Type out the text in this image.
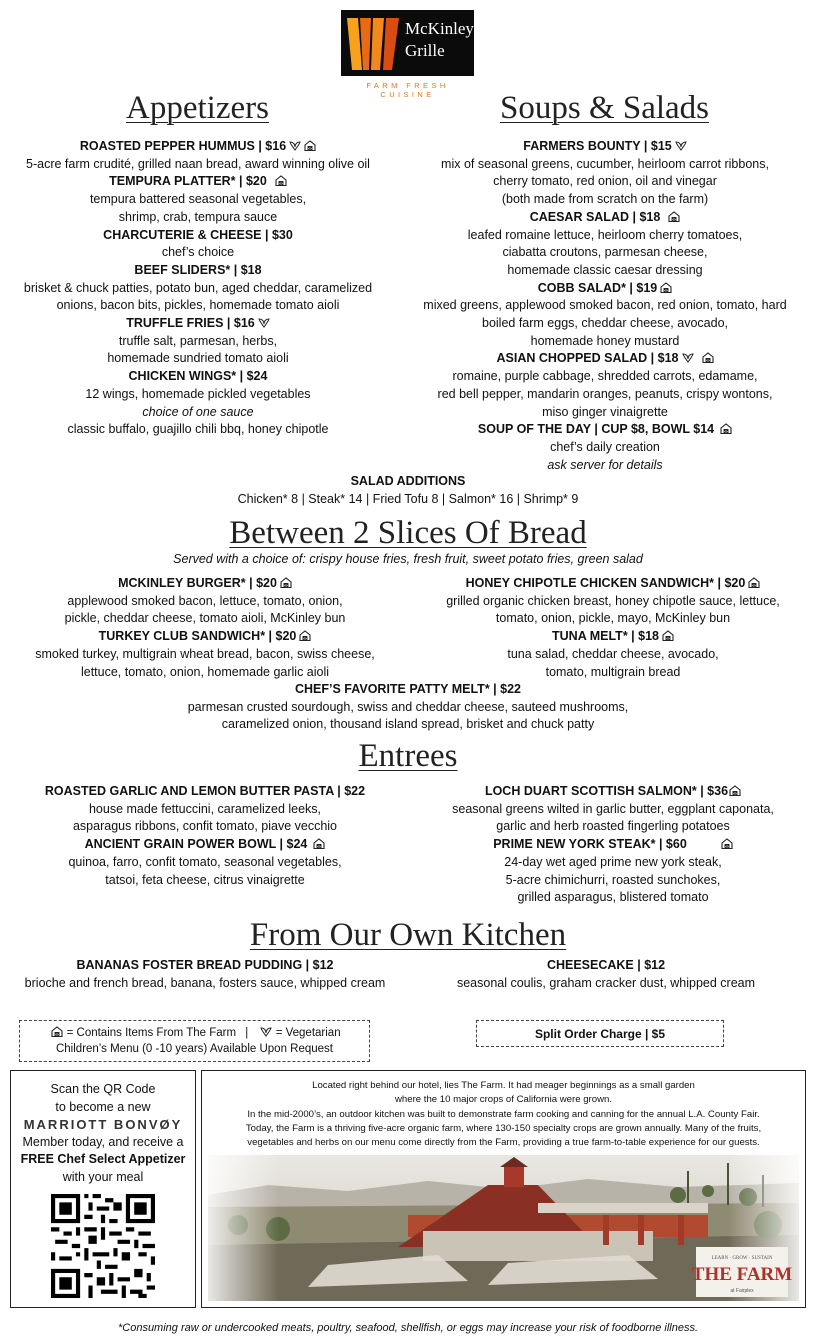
McKinley's
Grille
FARM FRESH CUISINE
Appetizers
ROASTED PEPPER HUMMUS | $16
5-acre farm crudité, grilled naan bread, award winning olive oil
TEMPURA PLATTER* | $20
tempura battered seasonal vegetables,
shrimp, crab, tempura sauce
CHARCUTERIE & CHEESE | $30
chef’s choice
BEEF SLIDERS* | $18
brisket & chuck patties, potato bun, aged cheddar, caramelized
onions, bacon bits, pickles, homemade tomato aioli
TRUFFLE FRIES | $16
truffle salt, parmesan, herbs,
homemade sundried tomato aioli
CHICKEN WINGS* | $24
12 wings, homemade pickled vegetables
choice of one sauce
classic buffalo, guajillo chili bbq, honey chipotle
Soups & Salads
FARMERS BOUNTY | $15
mix of seasonal greens, cucumber, heirloom carrot ribbons,
cherry tomato, red onion, oil and vinegar
(both made from scratch on the farm)
CAESAR SALAD | $18
leafed romaine lettuce, heirloom cherry tomatoes,
ciabatta croutons, parmesan cheese,
homemade classic caesar dressing
COBB SALAD* | $19
mixed greens, applewood smoked bacon, red onion, tomato, hard
boiled farm eggs, cheddar cheese, avocado,
homemade honey mustard
ASIAN CHOPPED SALAD | $18
romaine, purple cabbage, shredded carrots, edamame,
red bell pepper, mandarin oranges, peanuts, crispy wontons,
miso ginger vinaigrette
SOUP OF THE DAY | CUP $8, BOWL $14
chef’s daily creation
ask server for details
SALAD ADDITIONS
Chicken* 8 | Steak* 14 | Fried Tofu 8 | Salmon* 16 | Shrimp* 9
Between 2 Slices Of Bread
Served with a choice of: crispy house fries, fresh fruit, sweet potato fries, green salad
MCKINLEY BURGER* | $20
applewood smoked bacon, lettuce, tomato, onion,
pickle, cheddar cheese, tomato aioli, McKinley bun
TURKEY CLUB SANDWICH* | $20
smoked turkey, multigrain wheat bread, bacon, swiss cheese,
lettuce, tomato, onion, homemade garlic aioli
HONEY CHIPOTLE CHICKEN SANDWICH* | $20
grilled organic chicken breast, honey chipotle sauce, lettuce,
tomato, onion, pickle, mayo, McKinley bun
TUNA MELT* | $18
tuna salad, cheddar cheese, avocado,
tomato, multigrain bread
CHEF’S FAVORITE PATTY MELT* | $22
parmesan crusted sourdough, swiss and cheddar cheese, sauteed mushrooms,
caramelized onion, thousand island spread, brisket and chuck patty
Entrees
ROASTED GARLIC AND LEMON BUTTER PASTA | $22
house made fettuccini, caramelized leeks,
asparagus ribbons, confit tomato, piave vecchio
ANCIENT GRAIN POWER BOWL | $24
quinoa, farro, confit tomato, seasonal vegetables,
tatsoi, feta cheese, citrus vinaigrette
LOCH DUART SCOTTISH SALMON* | $36
seasonal greens wilted in garlic butter, eggplant caponata,
garlic and herb roasted fingerling potatoes
PRIME NEW YORK STEAK* | $60
24-day wet aged prime new york steak,
5-acre chimichurri, roasted sunchokes,
grilled asparagus, blistered tomato
From Our Own Kitchen
BANANAS FOSTER BREAD PUDDING | $12
brioche and french bread, banana, fosters sauce, whipped cream
CHEESECAKE | $12
seasonal coulis, graham cracker dust, whipped cream
= Contains Items From The Farm | = Vegetarian
Children’s Menu (0 -10 years) Available Upon Request
Split Order Charge | $5
Scan the QR Code
to become a new
MARRIOTT BONVØY
Member today, and receive a
FREE Chef Select Appetizer
with your meal
Located right behind our hotel, lies The Farm. It had meager beginnings as a small garden
where the 10 major crops of California were grown.
In the mid-2000’s, an outdoor kitchen was built to demonstrate farm cooking and canning for the annual L.A. County Fair.
Today, the Farm is a thriving five-acre organic farm, where 130-150 specialty crops are grown annually. Many of the fruits,
vegetables and herbs on our menu come directly from the Farm, providing a true farm-to-table experience for our guests.
LEARN · GROW · SUSTAIN
THE FARM
at Fairplex
*Consuming raw or undercooked meats, poultry, seafood, shellfish, or eggs may increase your risk of foodborne illness.
